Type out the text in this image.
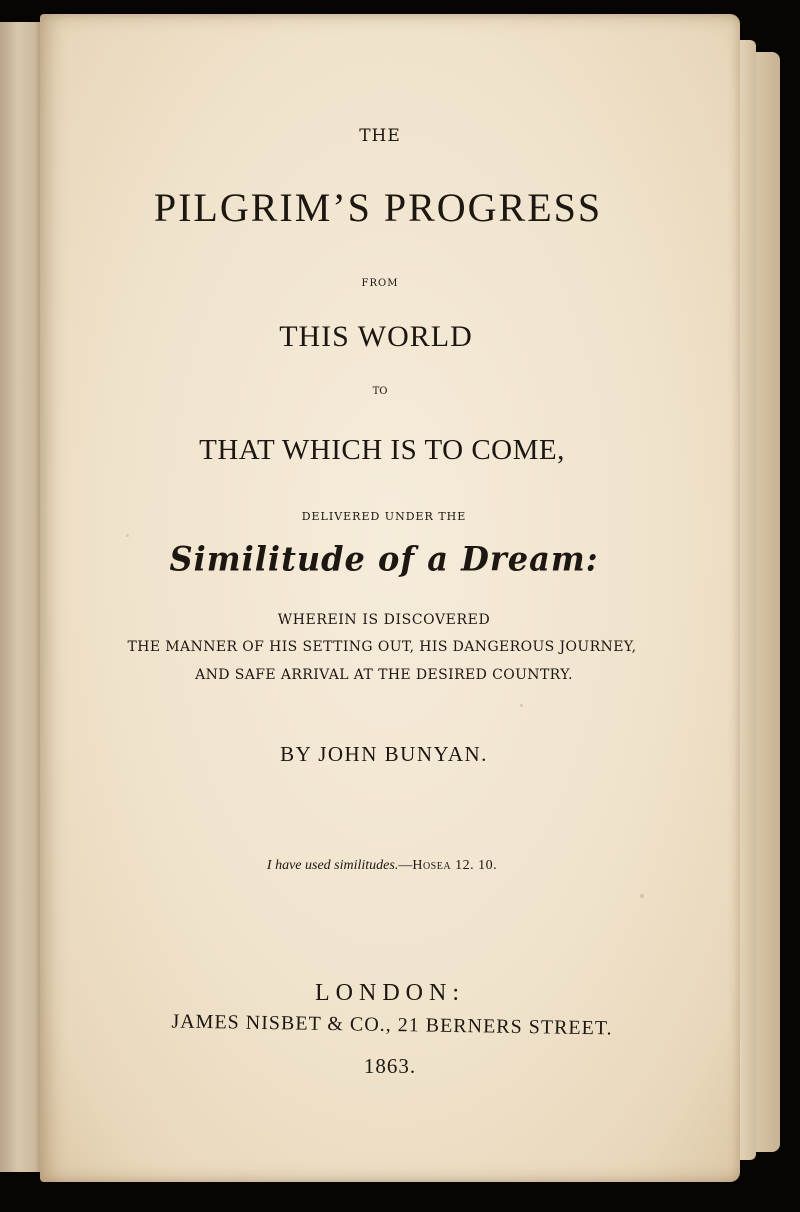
THE
PILGRIM’S PROGRESS
FROM
THIS WORLD
TO
THAT WHICH IS TO COME,
DELIVERED UNDER THE
Similitude of a Dream:
WHEREIN IS DISCOVERED
THE MANNER OF HIS SETTING OUT, HIS DANGEROUS JOURNEY,
AND SAFE ARRIVAL AT THE DESIRED COUNTRY.
BY JOHN BUNYAN.
I have used similitudes.—Hosea 12. 10.
LONDON:
JAMES NISBET & CO., 21 BERNERS STREET.
1863.
